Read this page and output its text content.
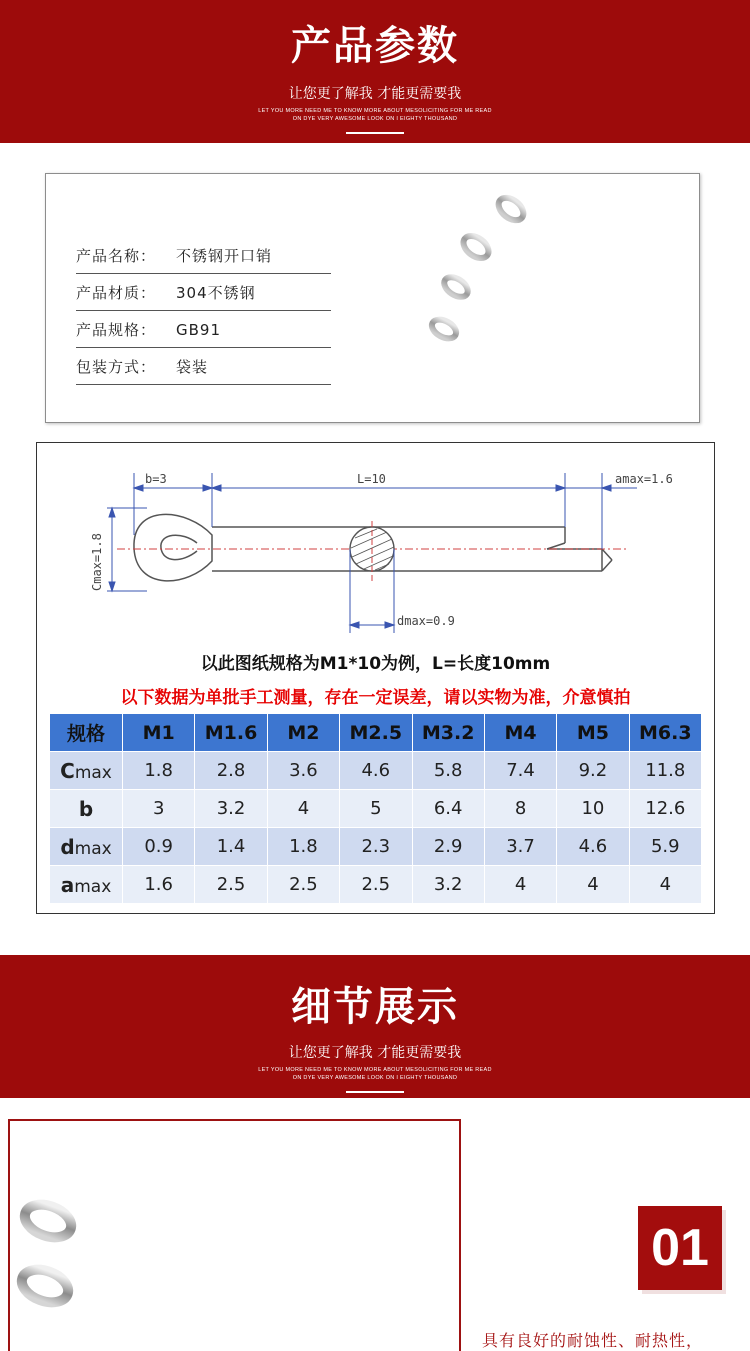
产品参数
让您更了解我 才能更需要我
LET YOU MORE NEED ME TO KNOW MORE ABOUT MESOLICITING FOR ME READ
ON DYE VERY AWESOME LOOK ON I EIGHTY THOUSAND
产品名称： 不锈钢开口销
产品材质： 304不锈钢
产品规格： GB91
包装方式： 袋装
b=3	L=10	amax=1.6
dmax=0.9
Cmax=1.8
以此图纸规格为M1*10为例，L=长度10mm
以下数据为单批手工测量，存在一定误差，请以实物为准，介意慎拍
规格	M1	M1.6	M2	M2.5	M3.2	M4	M5	M6.3
Cmax	1.8	2.8	3.6	4.6	5.8	7.4	9.2	11.8
b	3	3.2	4	5	6.4	8	10	12.6
dmax	0.9	1.4	1.8	2.3	2.9	3.7	4.6	5.9
amax	1.6	2.5	2.5	2.5	3.2	4	4	4
细节展示
让您更了解我 才能更需要我
LET YOU MORE NEED ME TO KNOW MORE ABOUT MESOLICITING FOR ME READ
ON DYE VERY AWESOME LOOK ON I EIGHTY THOUSAND
01
具有良好的耐蚀性、耐热性，
